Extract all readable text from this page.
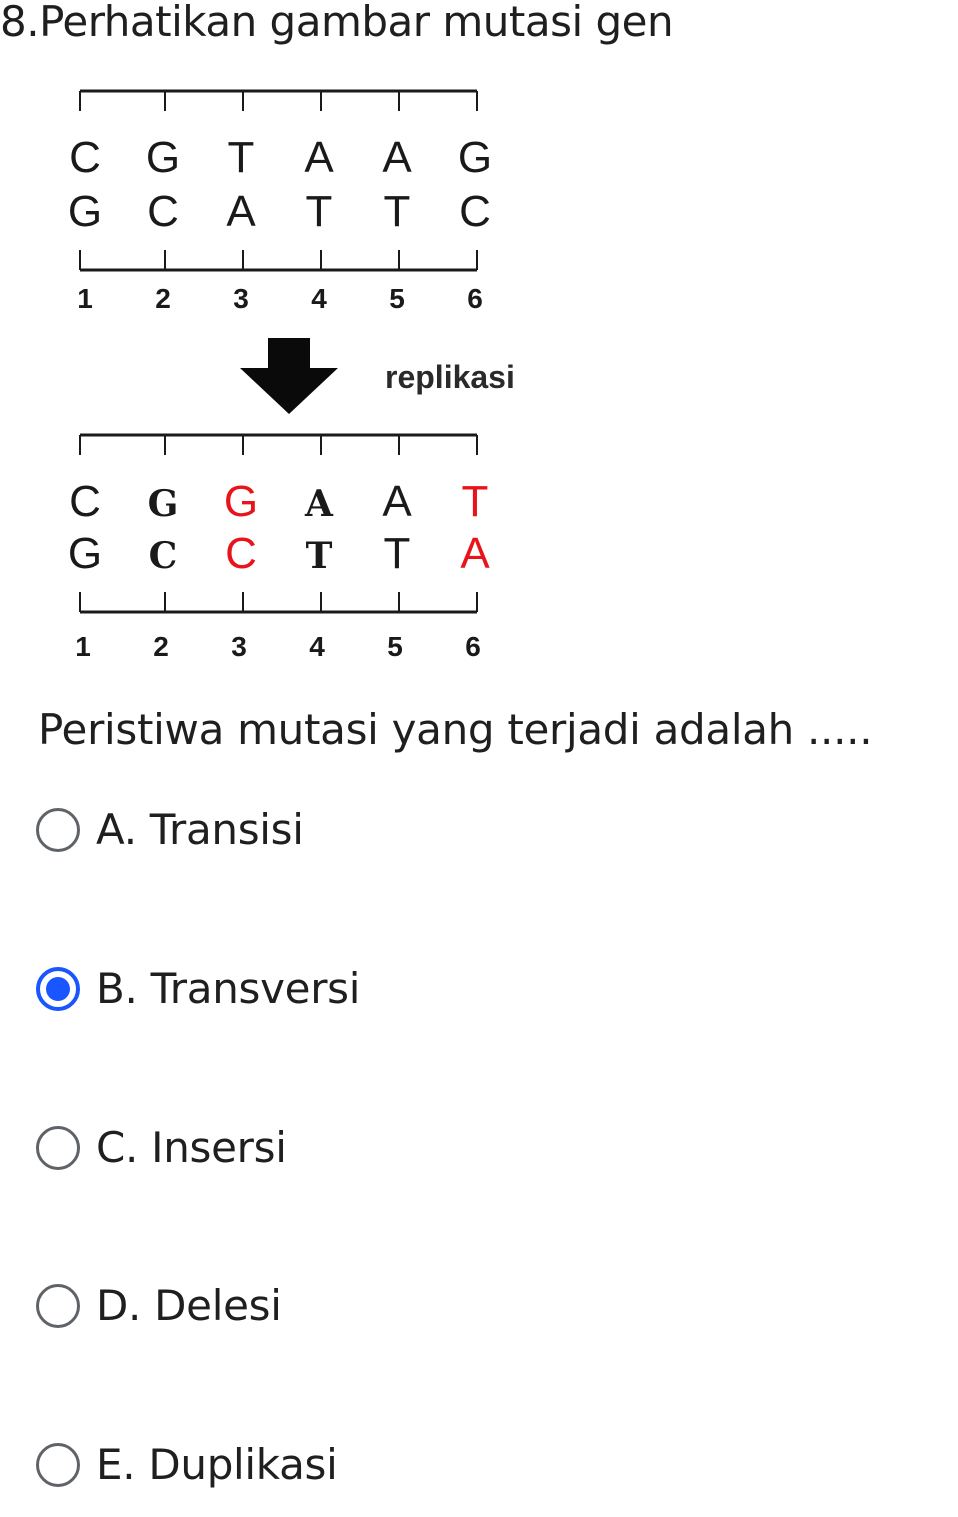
8.Perhatikan gambar mutasi gen
C G T A A G
G C A T T C
1 2 3 4 5 6
replikasi
C G G A A T
G C C T T A
1 2 3 4 5 6
Peristiwa mutasi yang terjadi adalah .....
A. Transisi
B. Transversi
C. Insersi
D. Delesi
E. Duplikasi
